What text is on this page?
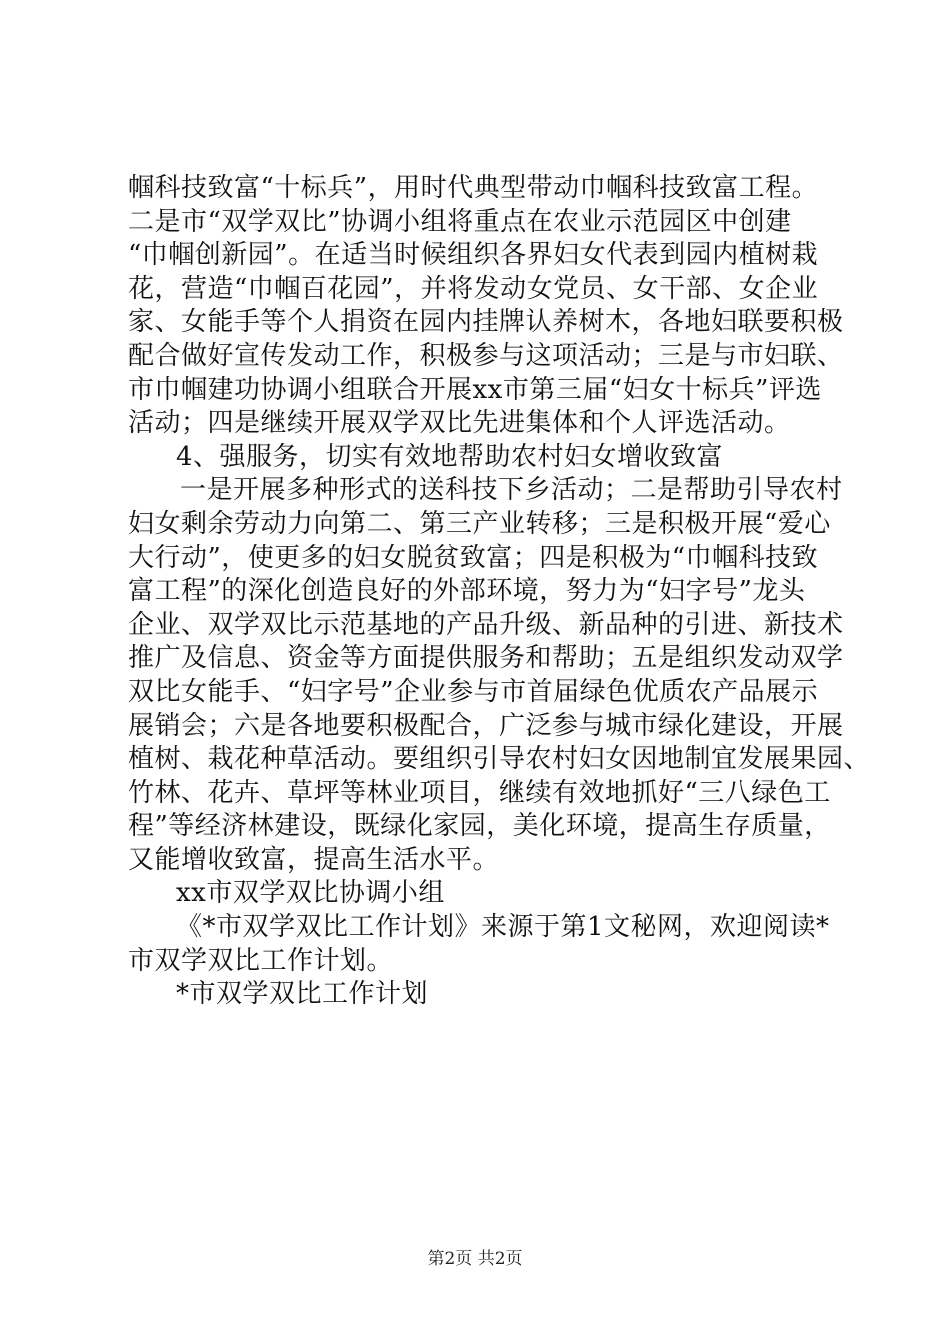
帼科技致富“十标兵”，用时代典型带动巾帼科技致富工程。
二是市“双学双比”协调小组将重点在农业示范园区中创建
“巾帼创新园”。在适当时候组织各界妇女代表到园内植树栽
花，营造“巾帼百花园”，并将发动女党员、女干部、女企业
家、女能手等个人捐资在园内挂牌认养树木，各地妇联要积极
配合做好宣传发动工作，积极参与这项活动；三是与市妇联、
市巾帼建功协调小组联合开展xx市第三届“妇女十标兵”评选
活动；四是继续开展双学双比先进集体和个人评选活动。
4、强服务，切实有效地帮助农村妇女增收致富
一是开展多种形式的送科技下乡活动；二是帮助引导农村
妇女剩余劳动力向第二、第三产业转移；三是积极开展“爱心
大行动”，使更多的妇女脱贫致富；四是积极为“巾帼科技致
富工程”的深化创造良好的外部环境，努力为“妇字号”龙头
企业、双学双比示范基地的产品升级、新品种的引进、新技术
推广及信息、资金等方面提供服务和帮助；五是组织发动双学
双比女能手、“妇字号”企业参与市首届绿色优质农产品展示
展销会；六是各地要积极配合，广泛参与城市绿化建设，开展
植树、栽花种草活动。要组织引导农村妇女因地制宜发展果园、
竹林、花卉、草坪等林业项目，继续有效地抓好“三八绿色工
程”等经济林建设，既绿化家园，美化环境，提高生存质量，
又能增收致富，提高生活水平。
xx市双学双比协调小组
《*市双学双比工作计划》来源于第1文秘网，欢迎阅读*
市双学双比工作计划。
*市双学双比工作计划
第2页 共2页
